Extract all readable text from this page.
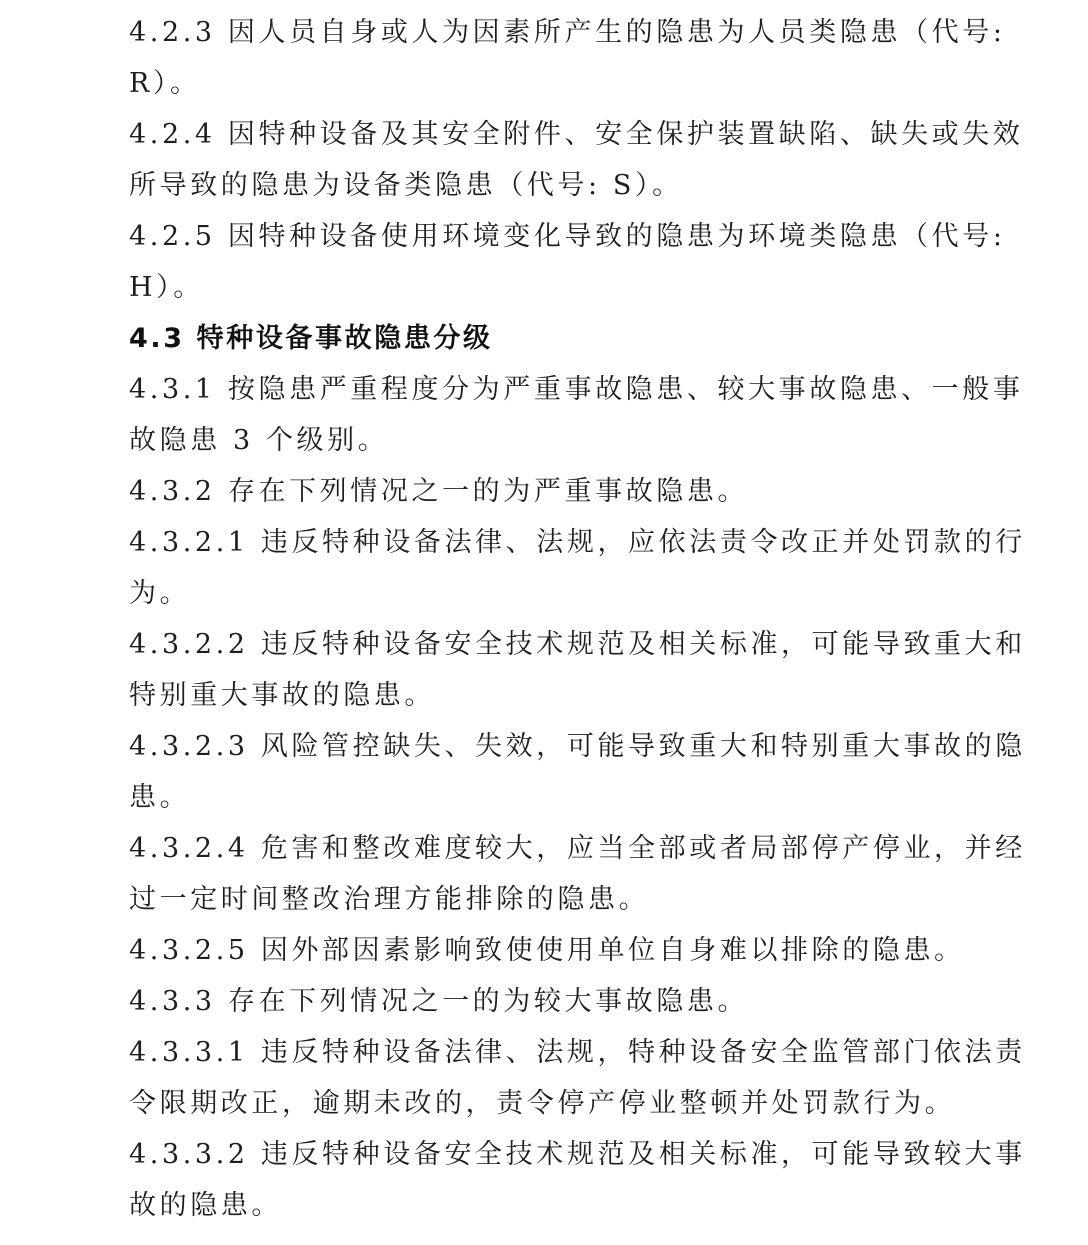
4.2.3 因人员自身或人为因素所产生的隐患为人员类隐患（代号:

R）。

4.2.4 因特种设备及其安全附件、安全保护装置缺陷、缺失或失效

所导致的隐患为设备类隐患（代号: S）。

4.2.5 因特种设备使用环境变化导致的隐患为环境类隐患（代号:

H）。

4.3 特种设备事故隐患分级

4.3.1 按隐患严重程度分为严重事故隐患、较大事故隐患、一般事

故隐患 3 个级别。

4.3.2 存在下列情况之一的为严重事故隐患。

4.3.2.1 违反特种设备法律、法规，应依法责令改正并处罚款的行

为。

4.3.2.2 违反特种设备安全技术规范及相关标准，可能导致重大和

特别重大事故的隐患。

4.3.2.3 风险管控缺失、失效，可能导致重大和特别重大事故的隐

患。

4.3.2.4 危害和整改难度较大，应当全部或者局部停产停业，并经

过一定时间整改治理方能排除的隐患。

4.3.2.5 因外部因素影响致使使用单位自身难以排除的隐患。

4.3.3 存在下列情况之一的为较大事故隐患。

4.3.3.1 违反特种设备法律、法规，特种设备安全监管部门依法责

令限期改正，逾期未改的，责令停产停业整顿并处罚款行为。

4.3.3.2 违反特种设备安全技术规范及相关标准，可能导致较大事

故的隐患。
